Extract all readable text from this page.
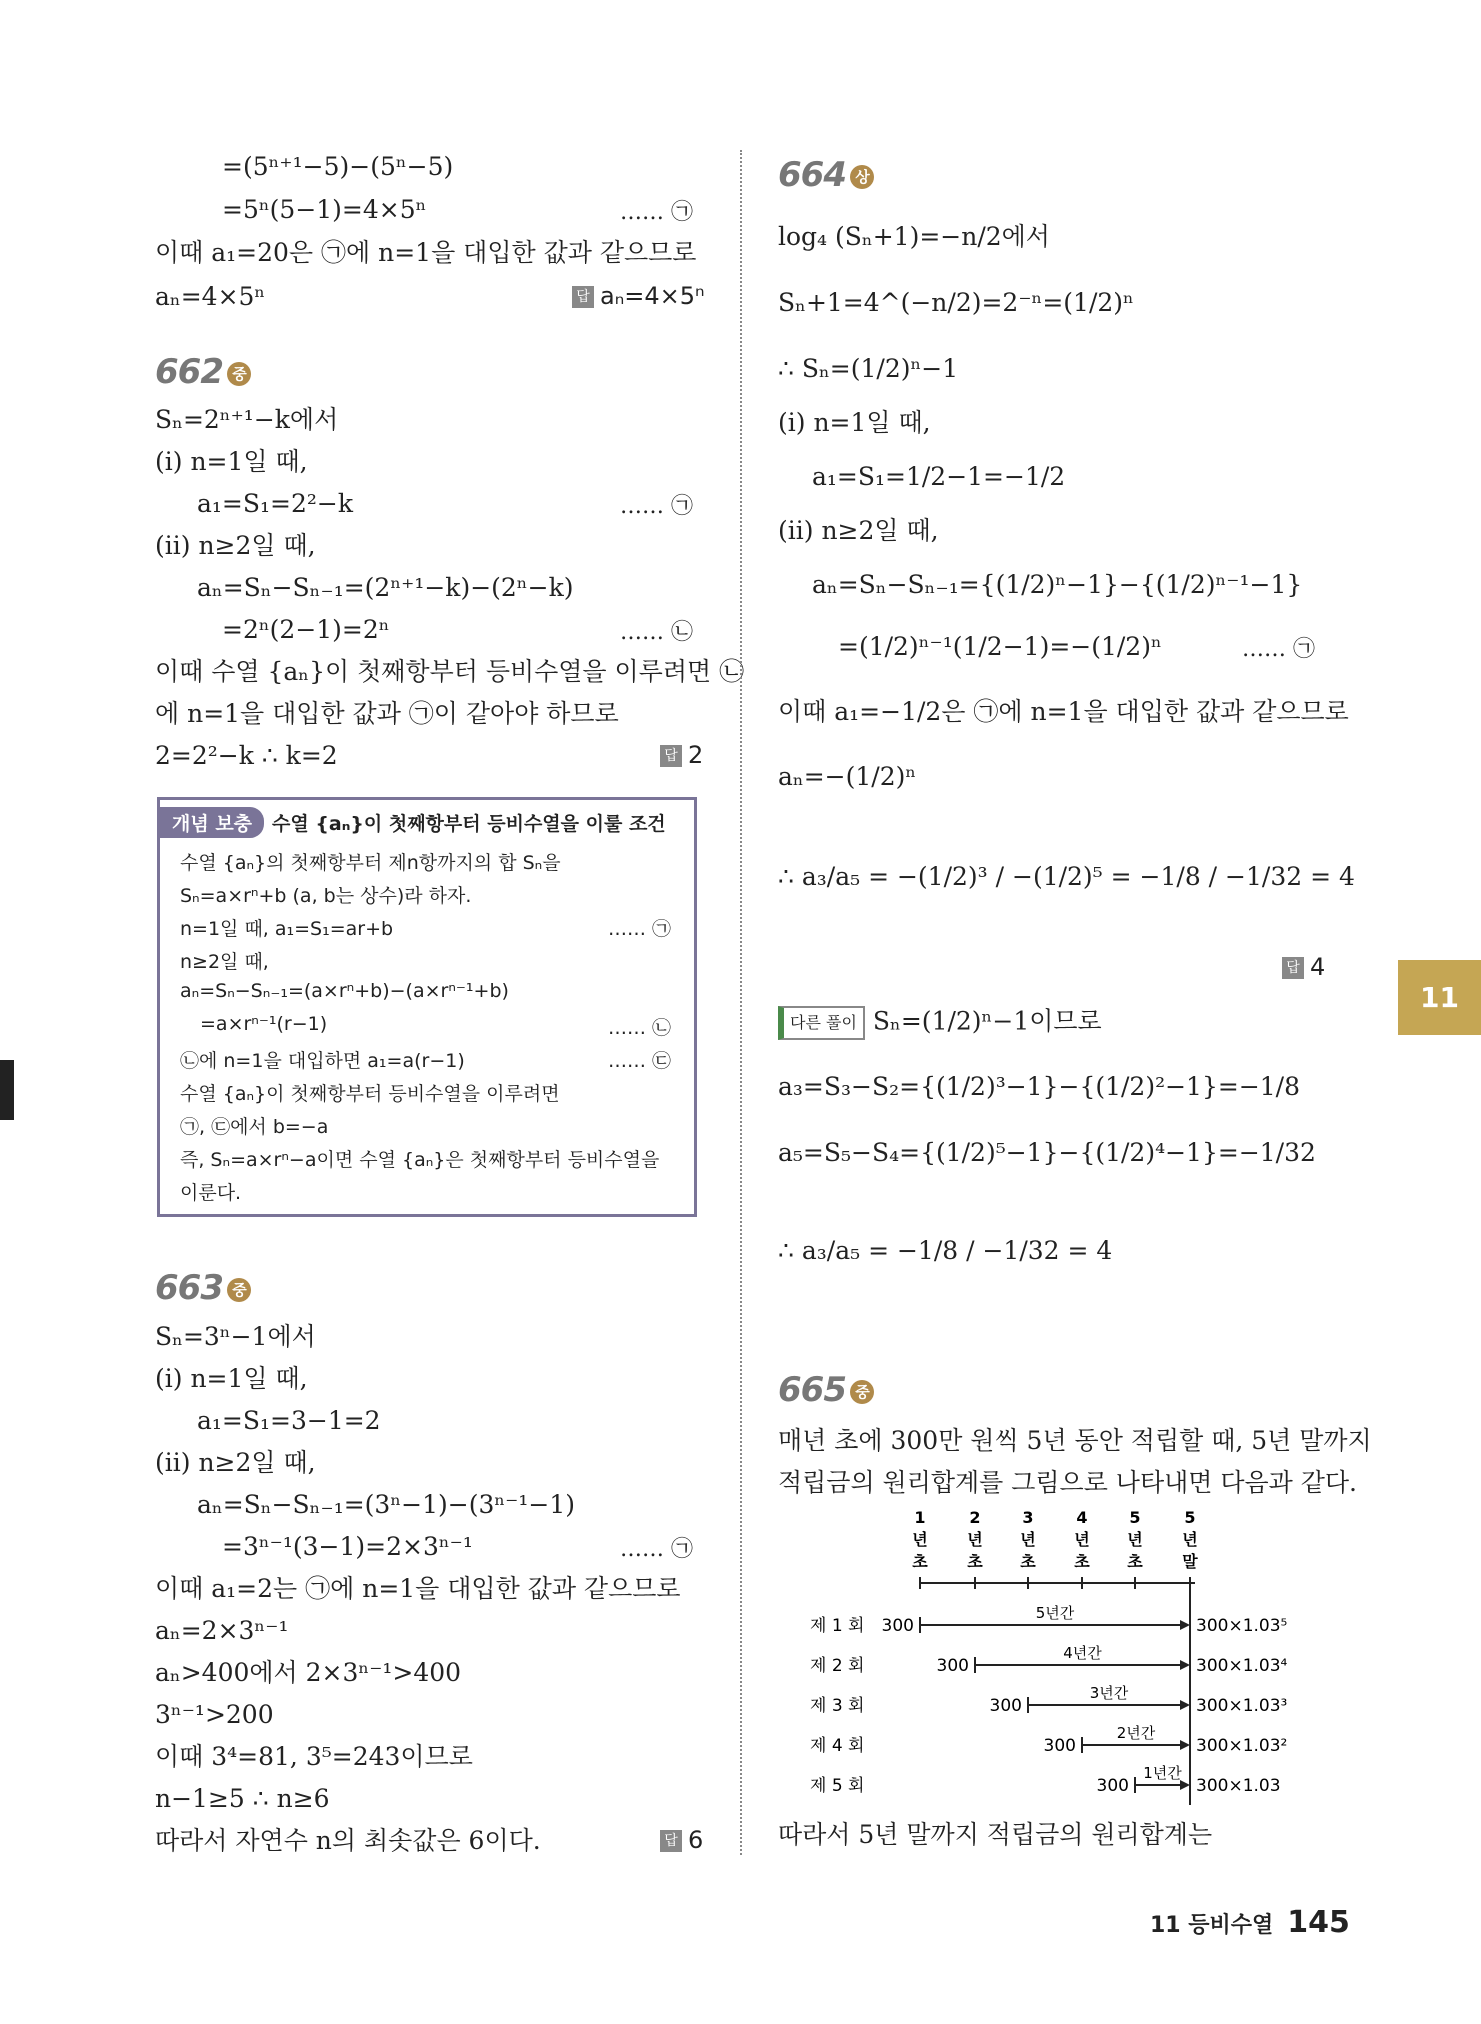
=(5ⁿ⁺¹−5)−(5ⁿ−5)
=5ⁿ(5−1)=4×5ⁿ	…… ㉠
이때 a₁=20은 ㉠에 n=1을 대입한 값과 같으므로
aₙ=4×5ⁿ	답 aₙ=4×5ⁿ
662 중
Sₙ=2ⁿ⁺¹−k에서
(ⅰ) n=1일 때,
a₁=S₁=2²−k	…… ㉠
(ⅱ) n≥2일 때,
aₙ=Sₙ−Sₙ₋₁=(2ⁿ⁺¹−k)−(2ⁿ−k)
=2ⁿ(2−1)=2ⁿ	…… ㉡
이때 수열 {aₙ}이 첫째항부터 등비수열을 이루려면 ㉡
에 n=1을 대입한 값과 ㉠이 같아야 하므로
2=2²−k ∴ k=2	답 2
개념 보충 수열 {aₙ}이 첫째항부터 등비수열을 이룰 조건
수열 {aₙ}의 첫째항부터 제n항까지의 합 Sₙ을
Sₙ=a×rⁿ+b (a, b는 상수)라 하자.
n=1일 때, a₁=S₁=ar+b	…… ㉠
n≥2일 때,
aₙ=Sₙ−Sₙ₋₁=(a×rⁿ+b)−(a×rⁿ⁻¹+b)
=a×rⁿ⁻¹(r−1)	…… ㉡
㉡에 n=1을 대입하면 a₁=a(r−1)	…… ㉢
수열 {aₙ}이 첫째항부터 등비수열을 이루려면
㉠, ㉢에서 b=−a
즉, Sₙ=a×rⁿ−a이면 수열 {aₙ}은 첫째항부터 등비수열을
이룬다.
663 중
Sₙ=3ⁿ−1에서
(ⅰ) n=1일 때,
a₁=S₁=3−1=2
(ⅱ) n≥2일 때,
aₙ=Sₙ−Sₙ₋₁=(3ⁿ−1)−(3ⁿ⁻¹−1)
=3ⁿ⁻¹(3−1)=2×3ⁿ⁻¹	…… ㉠
이때 a₁=2는 ㉠에 n=1을 대입한 값과 같으므로
aₙ=2×3ⁿ⁻¹
aₙ>400에서 2×3ⁿ⁻¹>400
3ⁿ⁻¹>200
이때 3⁴=81, 3⁵=243이므로
n−1≥5 ∴ n≥6
따라서 자연수 n의 최솟값은 6이다.	답 6
664 상
log₄ (Sₙ+1)=−n/2에서
Sₙ+1=4^(−n/2)=2⁻ⁿ=(1/2)ⁿ
∴ Sₙ=(1/2)ⁿ−1
(ⅰ) n=1일 때,
a₁=S₁=1/2−1=−1/2
(ⅱ) n≥2일 때,
aₙ=Sₙ−Sₙ₋₁={(1/2)ⁿ−1}−{(1/2)ⁿ⁻¹−1}
=(1/2)ⁿ⁻¹(1/2−1)=−(1/2)ⁿ	…… ㉠
이때 a₁=−1/2은 ㉠에 n=1을 대입한 값과 같으므로
aₙ=−(1/2)ⁿ
∴ a₃/a₅ = −(1/2)³ / −(1/2)⁵ = −1/8 / −1/32 = 4
답 4
다른 풀이 Sₙ=(1/2)ⁿ−1이므로
a₃=S₃−S₂={(1/2)³−1}−{(1/2)²−1}=−1/8
a₅=S₅−S₄={(1/2)⁵−1}−{(1/2)⁴−1}=−1/32
∴ a₃/a₅ = −1/8 / −1/32 = 4
665 중
매년 초에 300만 원씩 5년 동안 적립할 때, 5년 말까지
적립금의 원리합계를 그림으로 나타내면 다음과 같다.
1
년
초
2
년
초
3
년
초
4
년
초
5
년
초
5
년
말
제 1 회 300
5년간
300×1.03⁵
제 2 회	300
4년간
300×1.03⁴
제 3 회	300
3년간
300×1.03³
제 4 회	300
2년간
300×1.03²
제 5 회	300
1년간
300×1.03
따라서 5년 말까지 적립금의 원리합계는
11
11 등비수열 145
